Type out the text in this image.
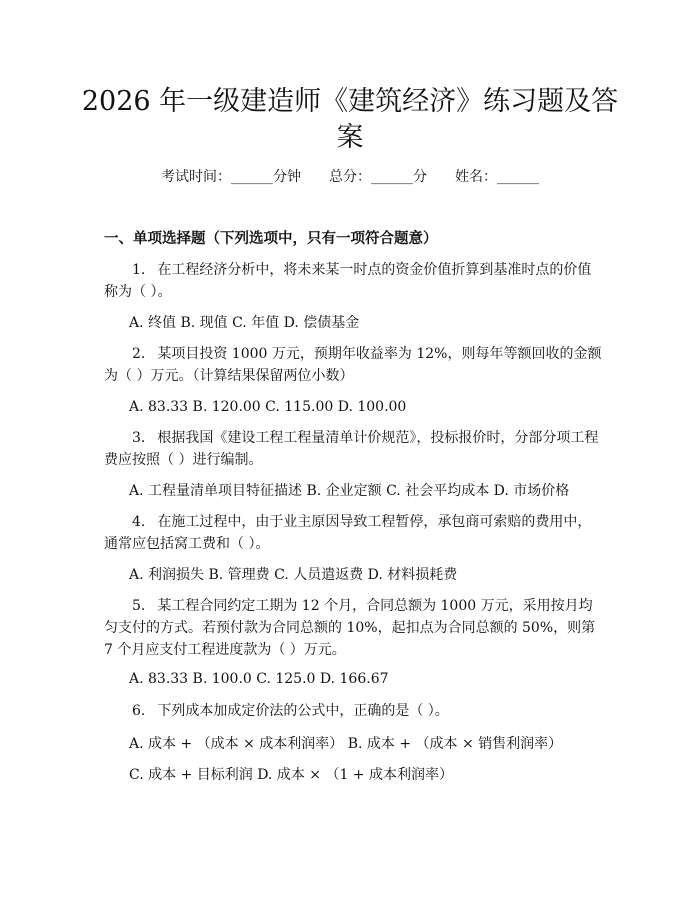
2026 年一级建造师《建筑经济》练习题及答
案
考试时间：______分钟 总分：______分 姓名：______
一、单项选择题（下列选项中，只有一项符合题意）

1. 在工程经济分析中，将未来某一时点的资金价值折算到基准时点的价值称为（ ）。

A. 终值 B. 现值 C. 年值 D. 偿债基金

2. 某项目投资 1000 万元，预期年收益率为 12%，则每年等额回收的金额为（ ）万元。（计算结果保留两位小数）

A. 83.33 B. 120.00 C. 115.00 D. 100.00

3. 根据我国《建设工程工程量清单计价规范》，投标报价时，分部分项工程费应按照（ ）进行编制。

A. 工程量清单项目特征描述 B. 企业定额 C. 社会平均成本 D. 市场价格

4. 在施工过程中，由于业主原因导致工程暂停，承包商可索赔的费用中，通常应包括窝工费和（ ）。

A. 利润损失 B. 管理费 C. 人员遣返费 D. 材料损耗费

5. 某工程合同约定工期为 12 个月，合同总额为 1000 万元，采用按月均匀支付的方式。若预付款为合同总额的 10%，起扣点为合同总额的 50%，则第 7 个月应支付工程进度款为（ ）万元。

A. 83.33 B. 100.0 C. 125.0 D. 166.67

6. 下列成本加成定价法的公式中，正确的是（ ）。

A. 成本 + （成本 × 成本利润率） B. 成本 + （成本 × 销售利润率）

C. 成本 + 目标利润 D. 成本 × （1 + 成本利润率）
